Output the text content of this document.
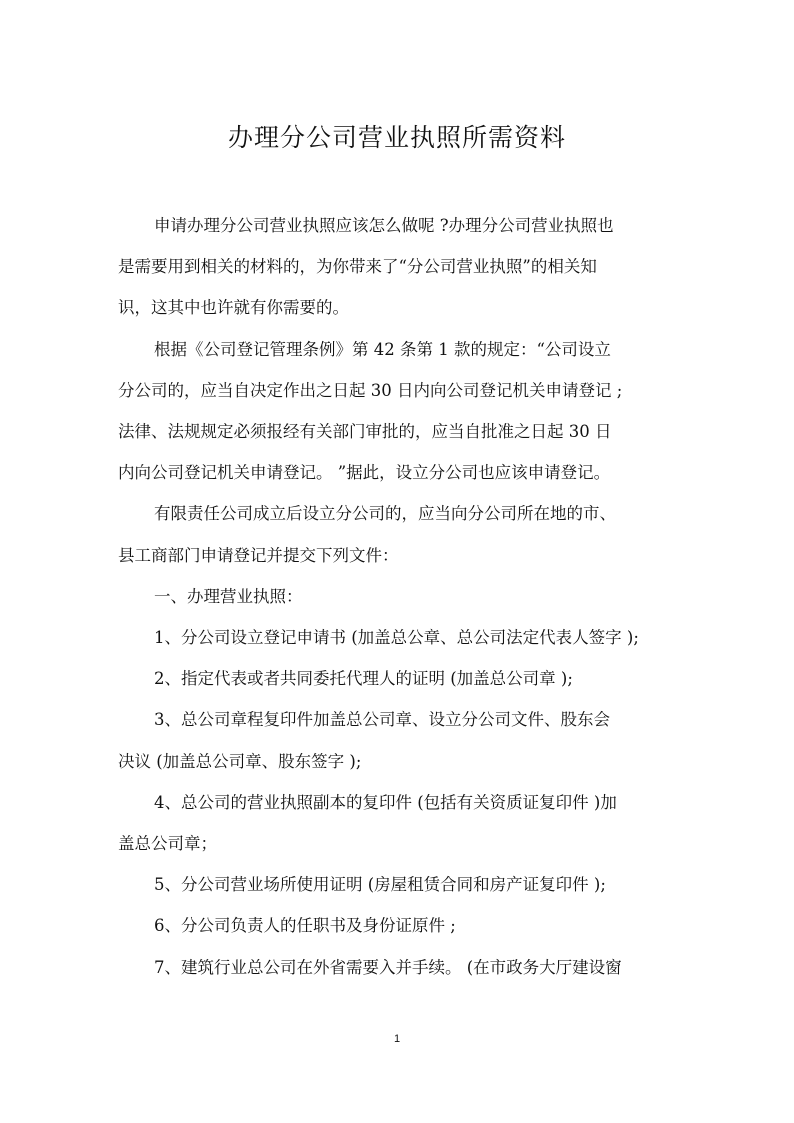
办理分公司营业执照所需资料

申请办理分公司营业执照应该怎么做呢 ?办理分公司营业执照也

是需要用到相关的材料的，为你带来了“分公司营业执照”的相关知

识，这其中也许就有你需要的。

根据《公司登记管理条例》第 42 条第 1 款的规定：“公司设立

分公司的，应当自决定作出之日起 30 日内向公司登记机关申请登记 ;

法律、法规规定必须报经有关部门审批的，应当自批准之日起 30 日

内向公司登记机关申请登记。 ”据此，设立分公司也应该申请登记。

有限责任公司成立后设立分公司的，应当向分公司所在地的市、

县工商部门申请登记并提交下列文件：

一、办理营业执照：

1、分公司设立登记申请书 (加盖总公章、总公司法定代表人签字 );

2、指定代表或者共同委托代理人的证明 (加盖总公司章 );

3、总公司章程复印件加盖总公司章、设立分公司文件、股东会

决议 (加盖总公司章、股东签字 );

4、总公司的营业执照副本的复印件 (包括有关资质证复印件 )加

盖总公司章；

5、分公司营业场所使用证明 (房屋租赁合同和房产证复印件 );

6、分公司负责人的任职书及身份证原件 ;

7、建筑行业总公司在外省需要入并手续。 (在市政务大厅建设窗

1
